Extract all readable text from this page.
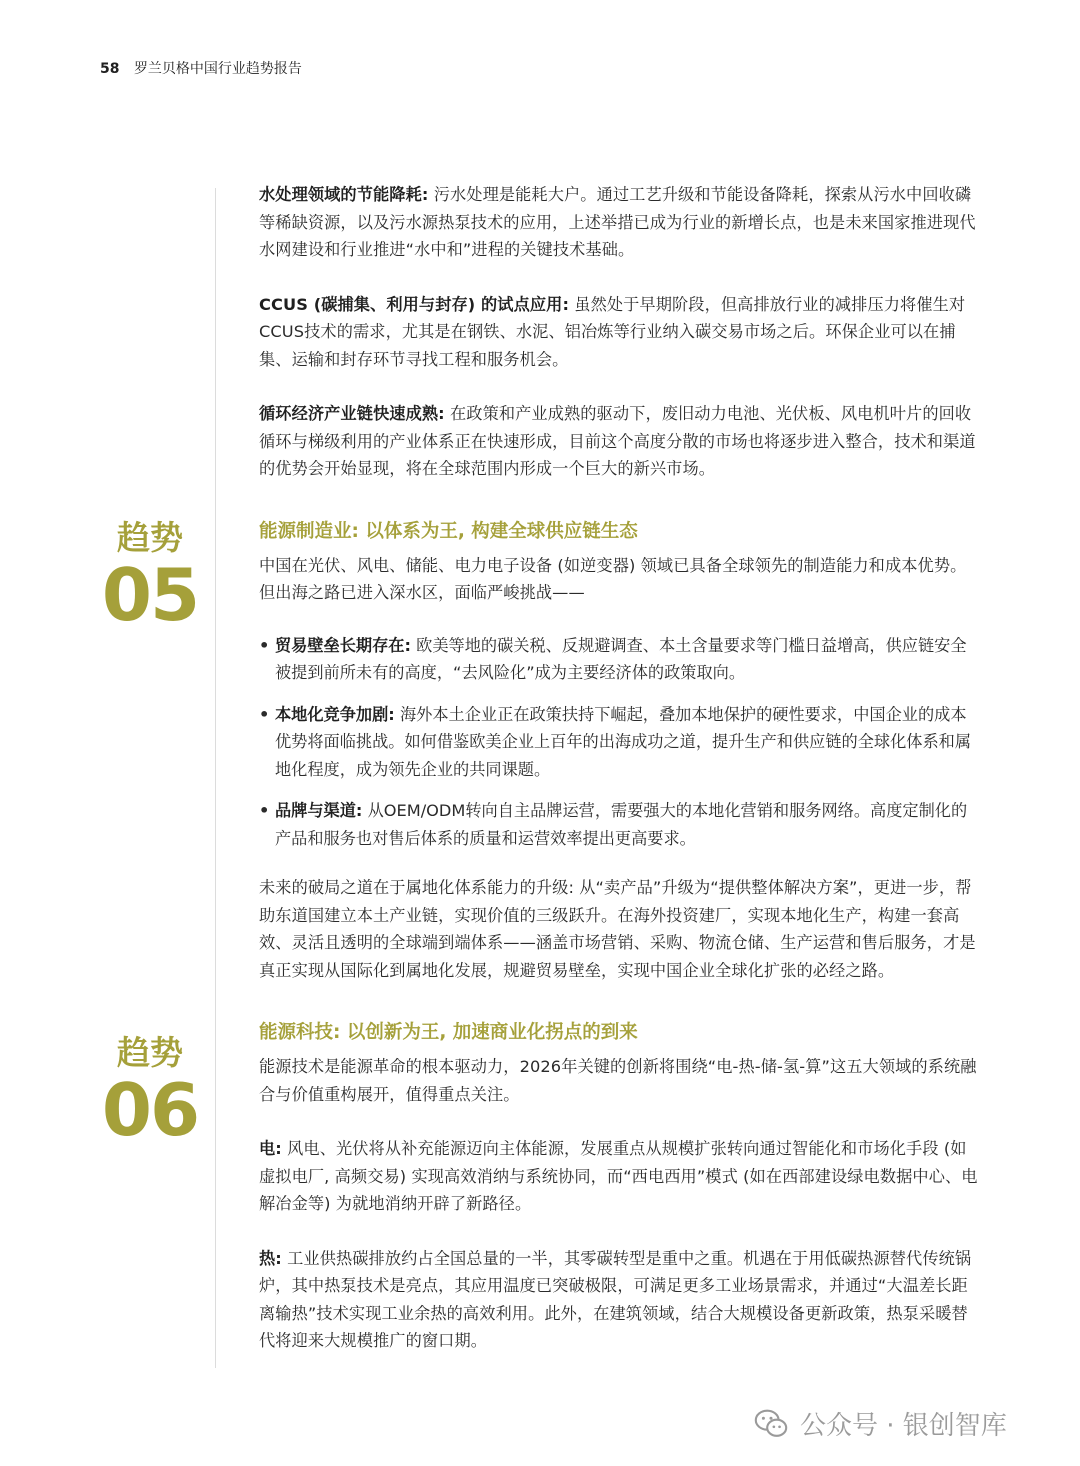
58 罗兰贝格中国行业趋势报告
趋势
05
趋势
06

水处理领域的节能降耗: 污水处理是能耗大户。通过工艺升级和节能设备降耗，探索从污水中回收磷等稀缺资源，以及污水源热泵技术的应用，上述举措已成为行业的新增长点，也是未来国家推进现代水网建设和行业推进“水中和”进程的关键技术基础。

CCUS (碳捕集、利用与封存) 的试点应用: 虽然处于早期阶段，但高排放行业的减排压力将催生对CCUS技术的需求，尤其是在钢铁、水泥、铝冶炼等行业纳入碳交易市场之后。环保企业可以在捕集、运输和封存环节寻找工程和服务机会。

循环经济产业链快速成熟: 在政策和产业成熟的驱动下，废旧动力电池、光伏板、风电机叶片的回收循环与梯级利用的产业体系正在快速形成，目前这个高度分散的市场也将逐步进入整合，技术和渠道的优势会开始显现，将在全球范围内形成一个巨大的新兴市场。

能源制造业: 以体系为王, 构建全球供应链生态

中国在光伏、风电、储能、电力电子设备 (如逆变器) 领域已具备全球领先的制造能力和成本优势。但出海之路已进入深水区，面临严峻挑战——

• 贸易壁垒长期存在: 欧美等地的碳关税、反规避调查、本土含量要求等门槛日益增高，供应链安全被提到前所未有的高度，“去风险化”成为主要经济体的政策取向。
• 本地化竞争加剧: 海外本土企业正在政策扶持下崛起，叠加本地保护的硬性要求，中国企业的成本优势将面临挑战。如何借鉴欧美企业上百年的出海成功之道，提升生产和供应链的全球化体系和属地化程度，成为领先企业的共同课题。
• 品牌与渠道: 从OEM/ODM转向自主品牌运营，需要强大的本地化营销和服务网络。高度定制化的产品和服务也对售后体系的质量和运营效率提出更高要求。

未来的破局之道在于属地化体系能力的升级: 从“卖产品”升级为“提供整体解决方案”，更进一步，帮助东道国建立本土产业链，实现价值的三级跃升。在海外投资建厂，实现本地化生产，构建一套高效、灵活且透明的全球端到端体系——涵盖市场营销、采购、物流仓储、生产运营和售后服务，才是真正实现从国际化到属地化发展，规避贸易壁垒，实现中国企业全球化扩张的必经之路。

能源科技: 以创新为王, 加速商业化拐点的到来

能源技术是能源革命的根本驱动力，2026年关键的创新将围绕“电-热-储-氢-算”这五大领域的系统融合与价值重构展开，值得重点关注。

电: 风电、光伏将从补充能源迈向主体能源，发展重点从规模扩张转向通过智能化和市场化手段 (如虚拟电厂, 高频交易) 实现高效消纳与系统协同，而“西电西用”模式 (如在西部建设绿电数据中心、电解冶金等) 为就地消纳开辟了新路径。

热: 工业供热碳排放约占全国总量的一半，其零碳转型是重中之重。机遇在于用低碳热源替代传统锅炉，其中热泵技术是亮点，其应用温度已突破极限，可满足更多工业场景需求，并通过“大温差长距离输热”技术实现工业余热的高效利用。此外，在建筑领域，结合大规模设备更新政策，热泵采暖替代将迎来大规模推广的窗口期。

公众号 · 银创智库
